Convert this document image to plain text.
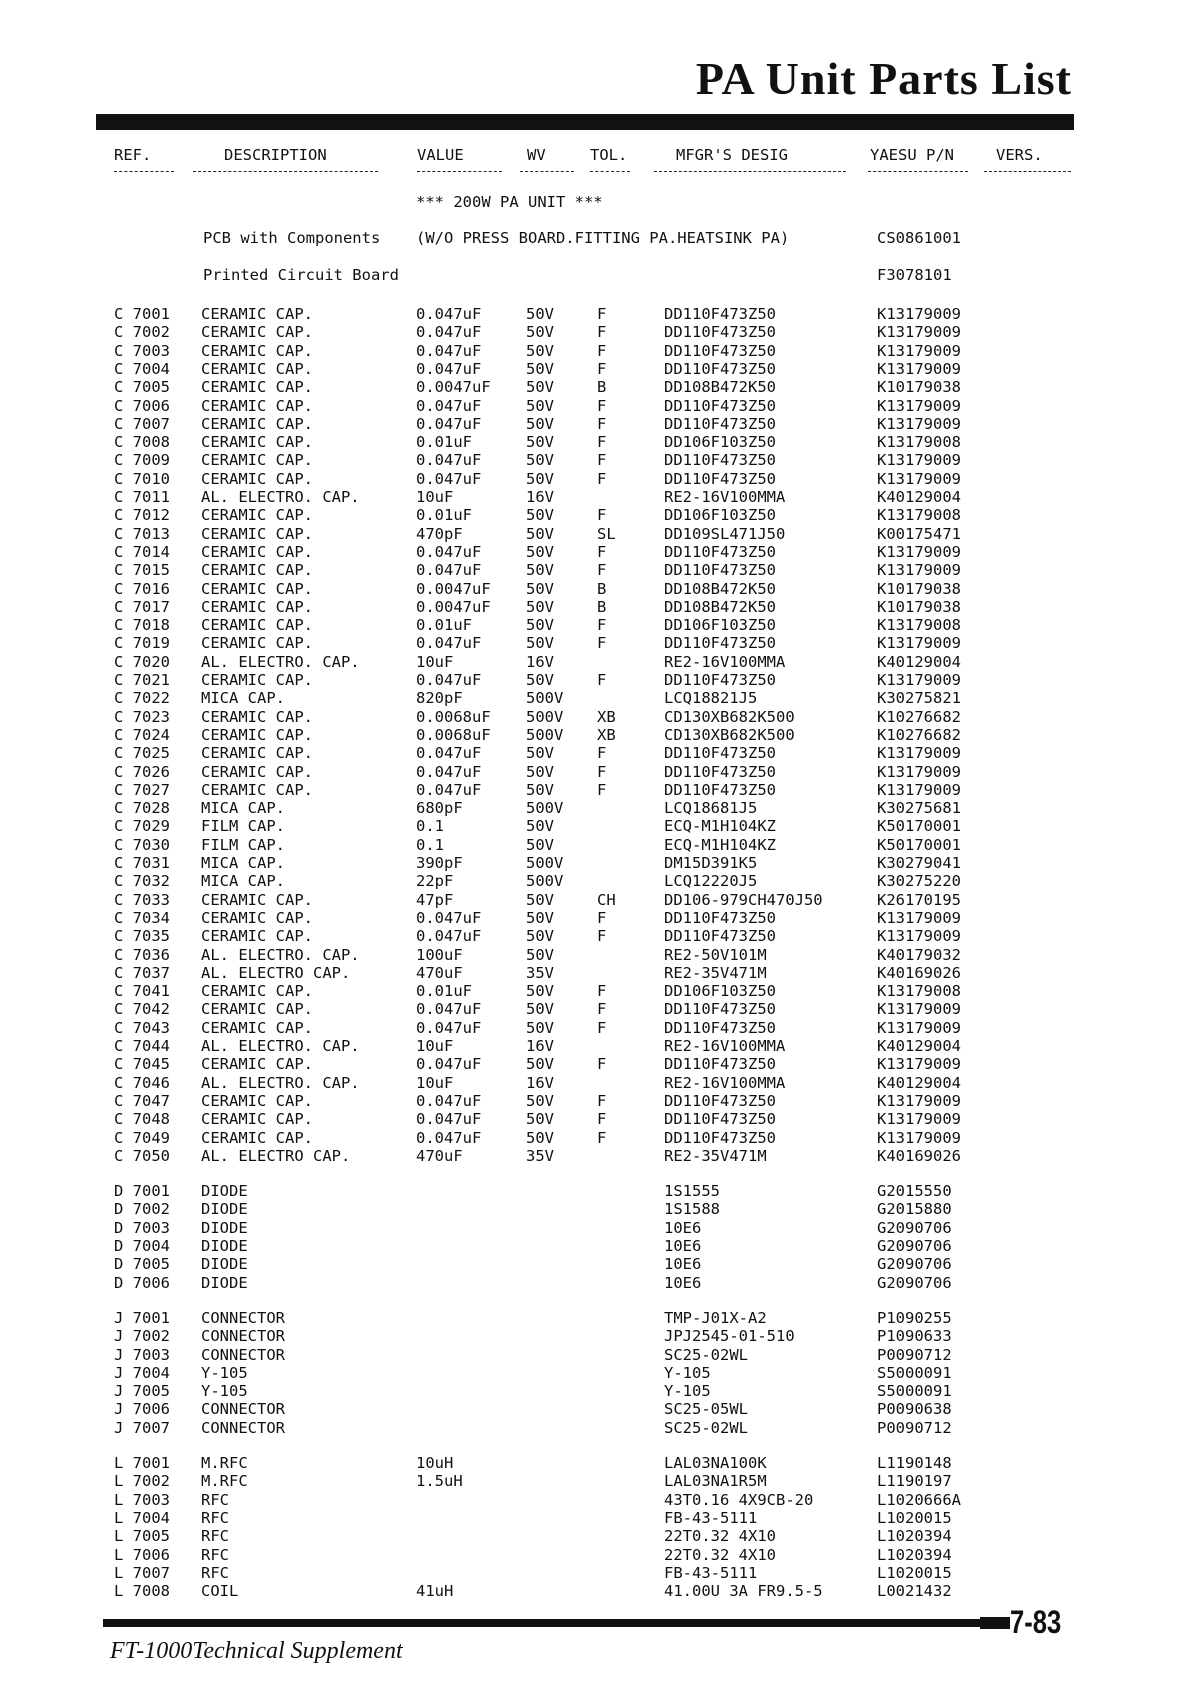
PA Unit Parts List
REF.	DESCRIPTION	VALUE	WV	TOL.	MFGR'S DESIG	YAESU P/N	VERS.
*** 200W PA UNIT ***
PCB with Components (W/O PRESS BOARD.FITTING PA.HEATSINK PA)	CS0861001
Printed Circuit Board	F3078101
C 7001 CERAMIC CAP.	0.047uF	50V	F	DD110F473Z50	K13179009
C 7002 CERAMIC CAP.	0.047uF	50V	F	DD110F473Z50	K13179009
C 7003 CERAMIC CAP.	0.047uF	50V	F	DD110F473Z50	K13179009
C 7004 CERAMIC CAP.	0.047uF	50V	F	DD110F473Z50	K13179009
C 7005 CERAMIC CAP.	0.0047uF 50V	B	DD108B472K50	K10179038
C 7006 CERAMIC CAP.	0.047uF	50V	F	DD110F473Z50	K13179009
C 7007 CERAMIC CAP.	0.047uF	50V	F	DD110F473Z50	K13179009
C 7008 CERAMIC CAP.	0.01uF	50V	F	DD106F103Z50	K13179008
C 7009 CERAMIC CAP.	0.047uF	50V	F	DD110F473Z50	K13179009
C 7010 CERAMIC CAP.	0.047uF	50V	F	DD110F473Z50	K13179009
C 7011 AL. ELECTRO. CAP.	10uF	16V	RE2-16V100MMA	K40129004
C 7012 CERAMIC CAP.	0.01uF	50V	F	DD106F103Z50	K13179008
C 7013 CERAMIC CAP.	470pF	50V	SL	DD109SL471J50	K00175471
C 7014 CERAMIC CAP.	0.047uF	50V	F	DD110F473Z50	K13179009
C 7015 CERAMIC CAP.	0.047uF	50V	F	DD110F473Z50	K13179009
C 7016 CERAMIC CAP.	0.0047uF 50V	B	DD108B472K50	K10179038
C 7017 CERAMIC CAP.	0.0047uF 50V	B	DD108B472K50	K10179038
C 7018 CERAMIC CAP.	0.01uF	50V	F	DD106F103Z50	K13179008
C 7019 CERAMIC CAP.	0.047uF	50V	F	DD110F473Z50	K13179009
C 7020 AL. ELECTRO. CAP.	10uF	16V	RE2-16V100MMA	K40129004
C 7021 CERAMIC CAP.	0.047uF	50V	F	DD110F473Z50	K13179009
C 7022 MICA CAP.	820pF	500V	LCQ18821J5	K30275821
C 7023 CERAMIC CAP.	0.0068uF 500V XB	CD130XB682K500	K10276682
C 7024 CERAMIC CAP.	0.0068uF 500V XB	CD130XB682K500	K10276682
C 7025 CERAMIC CAP.	0.047uF	50V	F	DD110F473Z50	K13179009
C 7026 CERAMIC CAP.	0.047uF	50V	F	DD110F473Z50	K13179009
C 7027 CERAMIC CAP.	0.047uF	50V	F	DD110F473Z50	K13179009
C 7028 MICA CAP.	680pF	500V	LCQ18681J5	K30275681
C 7029 FILM CAP.	0.1	50V	ECQ-M1H104KZ	K50170001
C 7030 FILM CAP.	0.1	50V	ECQ-M1H104KZ	K50170001
C 7031 MICA CAP.	390pF	500V	DM15D391K5	K30279041
C 7032 MICA CAP.	22pF	500V	LCQ12220J5	K30275220
C 7033 CERAMIC CAP.	47pF	50V	CH	DD106-979CH470J50	K26170195
C 7034 CERAMIC CAP.	0.047uF	50V	F	DD110F473Z50	K13179009
C 7035 CERAMIC CAP.	0.047uF	50V	F	DD110F473Z50	K13179009
C 7036 AL. ELECTRO. CAP.	100uF	50V	RE2-50V101M	K40179032
C 7037 AL. ELECTRO CAP.	470uF	35V	RE2-35V471M	K40169026
C 7041 CERAMIC CAP.	0.01uF	50V	F	DD106F103Z50	K13179008
C 7042 CERAMIC CAP.	0.047uF	50V	F	DD110F473Z50	K13179009
C 7043 CERAMIC CAP.	0.047uF	50V	F	DD110F473Z50	K13179009
C 7044 AL. ELECTRO. CAP.	10uF	16V	RE2-16V100MMA	K40129004
C 7045 CERAMIC CAP.	0.047uF	50V	F	DD110F473Z50	K13179009
C 7046 AL. ELECTRO. CAP.	10uF	16V	RE2-16V100MMA	K40129004
C 7047 CERAMIC CAP.	0.047uF	50V	F	DD110F473Z50	K13179009
C 7048 CERAMIC CAP.	0.047uF	50V	F	DD110F473Z50	K13179009
C 7049 CERAMIC CAP.	0.047uF	50V	F	DD110F473Z50	K13179009
C 7050 AL. ELECTRO CAP.	470uF	35V	RE2-35V471M	K40169026
D 7001 DIODE	1S1555	G2015550
D 7002 DIODE	1S1588	G2015880
D 7003 DIODE	10E6	G2090706
D 7004 DIODE	10E6	G2090706
D 7005 DIODE	10E6	G2090706
D 7006 DIODE	10E6	G2090706
J 7001 CONNECTOR	TMP-J01X-A2	P1090255
J 7002 CONNECTOR	JPJ2545-01-510	P1090633
J 7003 CONNECTOR	SC25-02WL	P0090712
J 7004 Y-105	Y-105	S5000091
J 7005 Y-105	Y-105	S5000091
J 7006 CONNECTOR	SC25-05WL	P0090638
J 7007 CONNECTOR	SC25-02WL	P0090712
L 7001 M.RFC	10uH	LAL03NA100K	L1190148
L 7002 M.RFC	1.5uH	LAL03NA1R5M	L1190197
L 7003 RFC	43T0.16 4X9CB-20	L1020666A
L 7004 RFC	FB-43-5111	L1020015
L 7005 RFC	22T0.32 4X10	L1020394
L 7006 RFC	22T0.32 4X10	L1020394
L 7007 RFC	FB-43-5111	L1020015
L 7008 COIL	41uH	41.00U 3A FR9.5-5	L0021432
7-83
FT-1000Technical Supplement
